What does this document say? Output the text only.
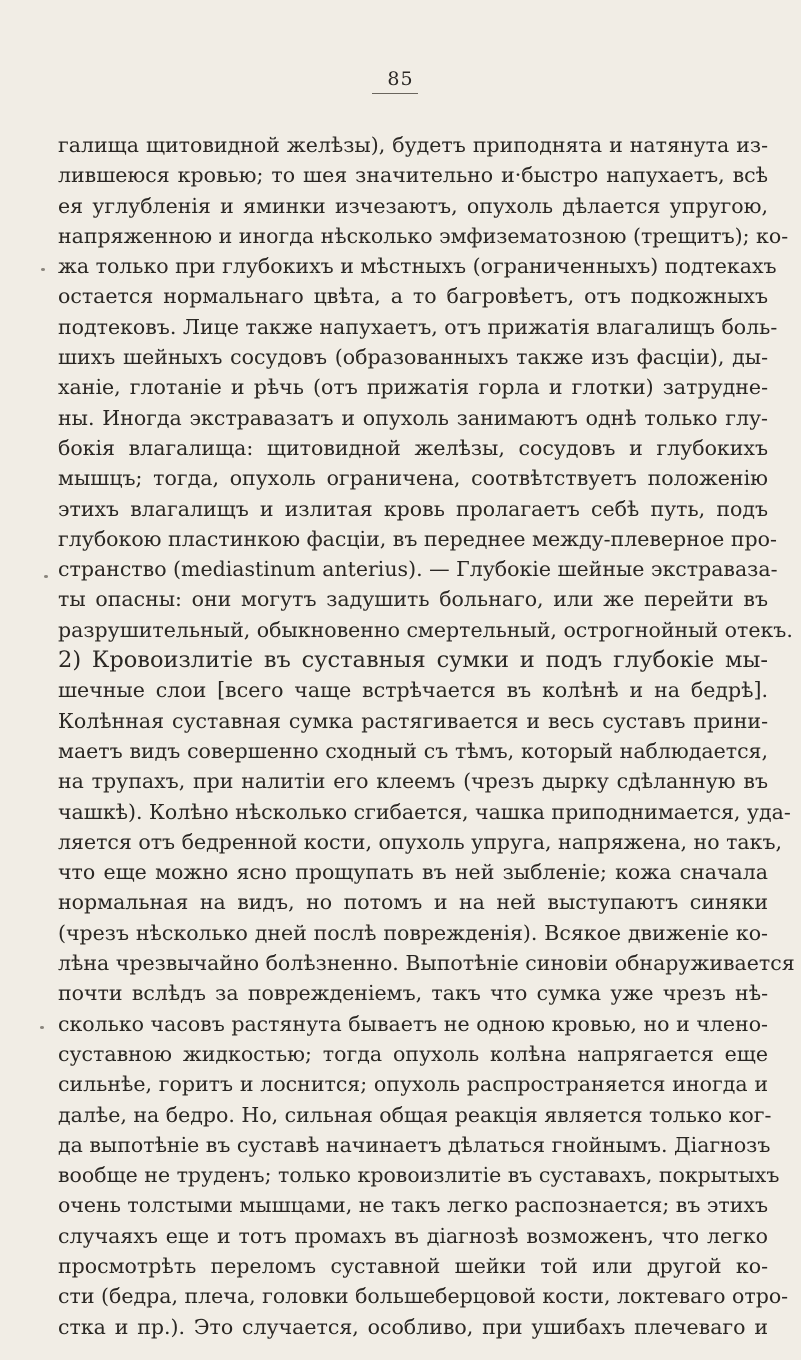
85
галища щитовидной желѣзы), будетъ приподнята и натянута из-
лившеюся кровью; то шея значительно и·быстро напухаетъ, всѣ
ея углубленія и яминки изчезаютъ, опухоль дѣлается упругою,
напряженною и иногда нѣсколько эмфизематозною (трещитъ); ко-
жа только при глубокихъ и мѣстныхъ (ограниченныхъ) подтекахъ
остается нормальнаго цвѣта, а то багровѣетъ, отъ подкожныхъ
подтековъ. Лице также напухаетъ, отъ прижатія влагалищъ боль-
шихъ шейныхъ сосудовъ (образованныхъ также изъ фасціи), ды-
ханіе, глотаніе и рѣчь (отъ прижатія горла и глотки) затрудне-
ны. Иногда экстравазатъ и опухоль занимаютъ однѣ только глу-
бокія влагалища: щитовидной желѣзы, сосудовъ и глубокихъ
мышцъ; тогда, опухоль ограничена, соотвѣтствуетъ положенію
этихъ влагалищъ и излитая кровь пролагаетъ себѣ путь, подъ
глубокою пластинкою фасціи, въ переднее между-плеверное про-
странство (mediastinum anterius). — Глубокіе шейные экстраваза-
ты опасны: они могутъ задушить больнаго, или же перейти въ
разрушительный, обыкновенно смертельный, острогнойный отекъ.
2) Кровоизлитіе въ суставныя сумки и подъ глубокіе мы-
шечные слои [всего чаще встрѣчается въ колѣнѣ и на бедрѣ].
Колѣнная суставная сумка растягивается и весь суставъ прини-
маетъ видъ совершенно сходный съ тѣмъ, который наблюдается,
на трупахъ, при налитіи его клеемъ (чрезъ дырку сдѣланную въ
чашкѣ). Колѣно нѣсколько сгибается, чашка приподнимается, уда-
ляется отъ бедренной кости, опухоль упруга, напряжена, но такъ,
что еще можно ясно прощупать въ ней зыбленіе; кожа сначала
нормальная на видъ, но потомъ и на ней выступаютъ синяки
(чрезъ нѣсколько дней послѣ поврежденія). Всякое движеніе ко-
лѣна чрезвычайно болѣзненно. Выпотѣніе синовіи обнаруживается
почти вслѣдъ за поврежденіемъ, такъ что сумка уже чрезъ нѣ-
сколько часовъ растянута бываетъ не одною кровью, но и члено-
суставною жидкостью; тогда опухоль колѣна напрягается еще
сильнѣе, горитъ и лоснится; опухоль распространяется иногда и
далѣе, на бедро. Но, сильная общая реакція является только ког-
да выпотѣніе въ суставѣ начинаетъ дѣлаться гнойнымъ. Діагнозъ
вообще не труденъ; только кровоизлитіе въ суставахъ, покрытыхъ
очень толстыми мышцами, не такъ легко распознается; въ этихъ
случаяхъ еще и тотъ промахъ въ діагнозѣ возможенъ, что легко
просмотрѣть переломъ суставной шейки той или другой ко-
сти (бедра, плеча, головки большеберцовой кости, локтеваго отро-
стка и пр.). Это случается, особливо, при ушибахъ плечеваго и
